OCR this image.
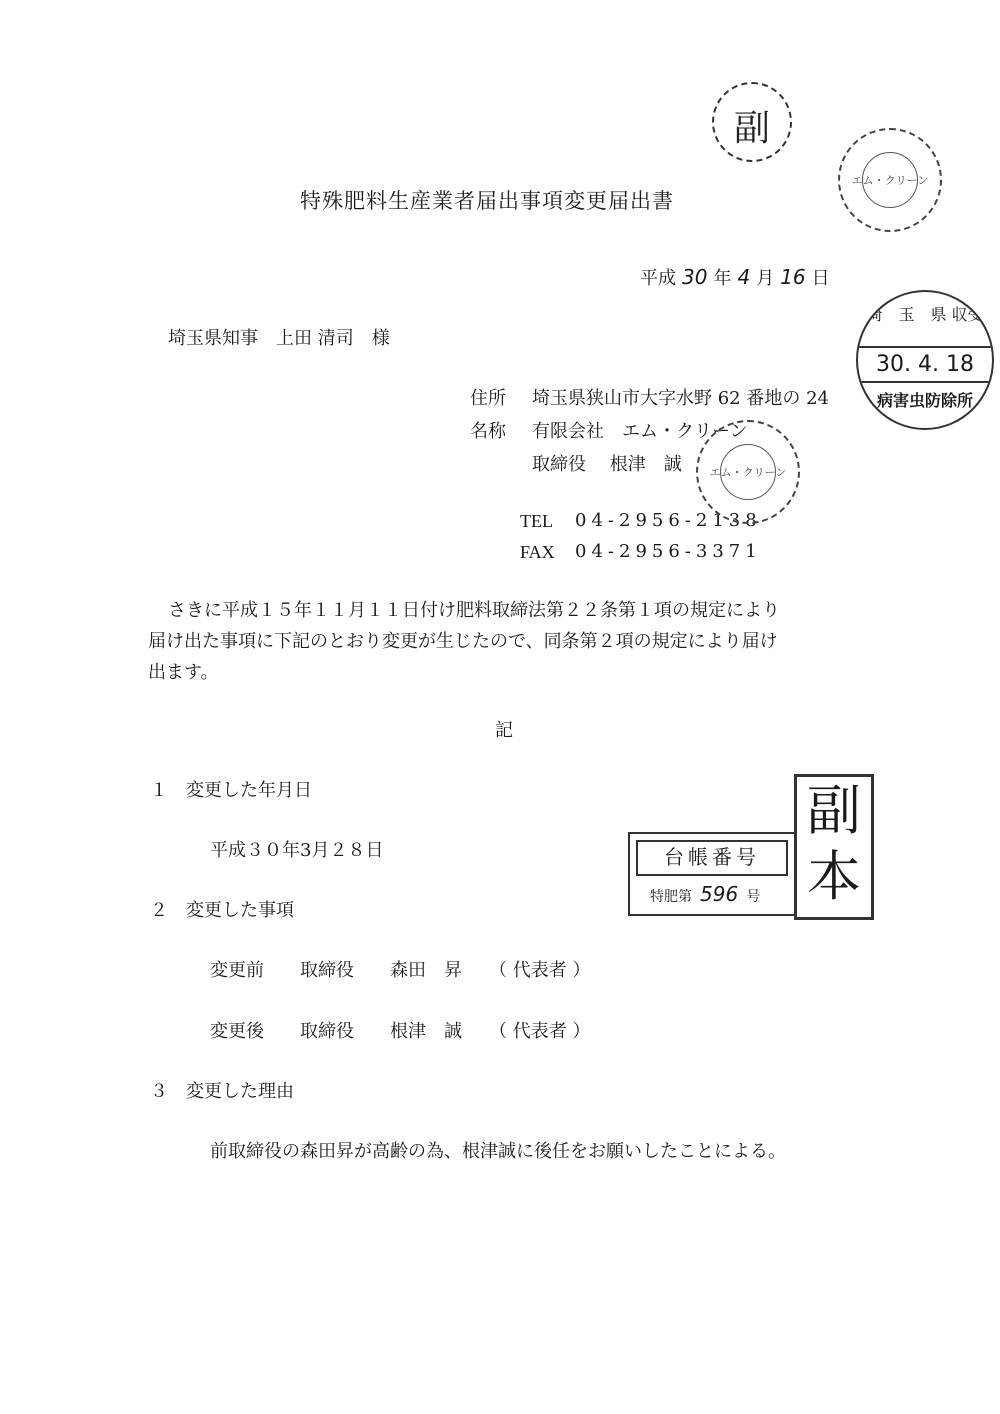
特殊肥料生産業者届出事項変更届出書
平成 30 年 4 月 16 日
埼玉県知事　上田 清司　様
住所 埼玉県狭山市大字水野 62 番地の 24
名称 有限会社　エム・クリーン
取締役　 根津　誠
TEL 04-2956-2138
FAX 04-2956-3371
さきに平成１５年１１月１１日付け肥料取締法第２２条第１項の規定により
届け出た事項に下記のとおり変更が生じたので、同条第２項の規定により届け
出ます。
記
１　変更した年月日
平成３０年3月２８日
２　変更した事項
変更前　　取締役　　森田　昇　　（ 代表者 ）
変更後　　取締役　　根津　誠　　（ 代表者 ）
３　変更した理由
前取締役の森田昇が高齢の為、根津誠に後任をお願いしたことによる。
副
エム・クリーン
埼　玉　県 収受
30. 4. 18
病害虫防除所
エム・クリーン
台帳番号
特肥第 596 号
副
本
